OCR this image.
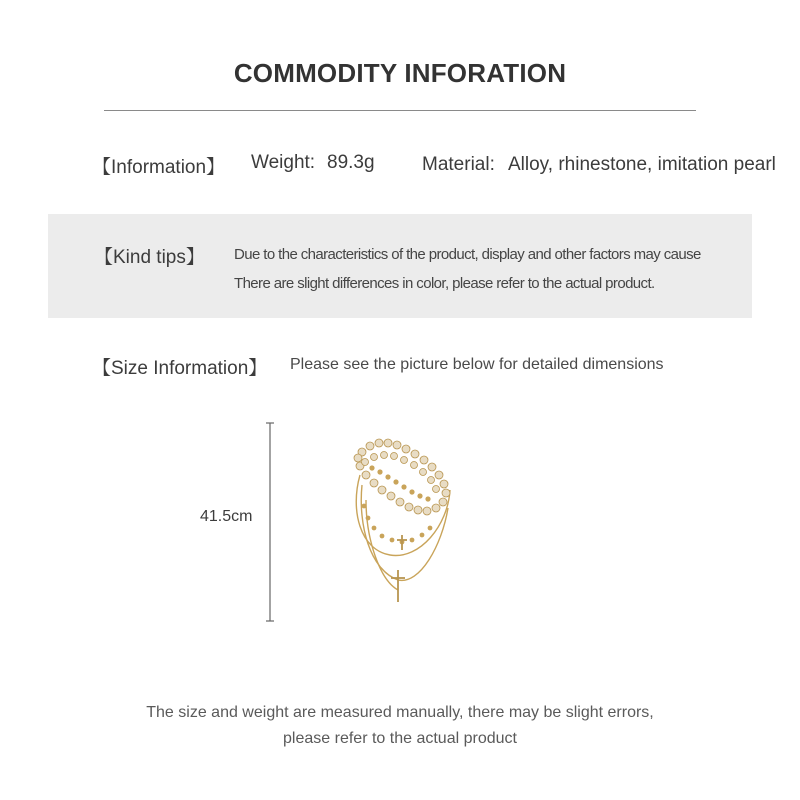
COMMODITY INFORATION
【Information】 Weight: 89.3g Material: Alloy, rhinestone, imitation pearl
【Kind tips】 Due to the characteristics of the product, display and other factors may cause
There are slight differences in color, please refer to the actual product.
【Size Information】 Please see the picture below for detailed dimensions
41.5cm
The size and weight are measured manually, there may be slight errors,
please refer to the actual product
